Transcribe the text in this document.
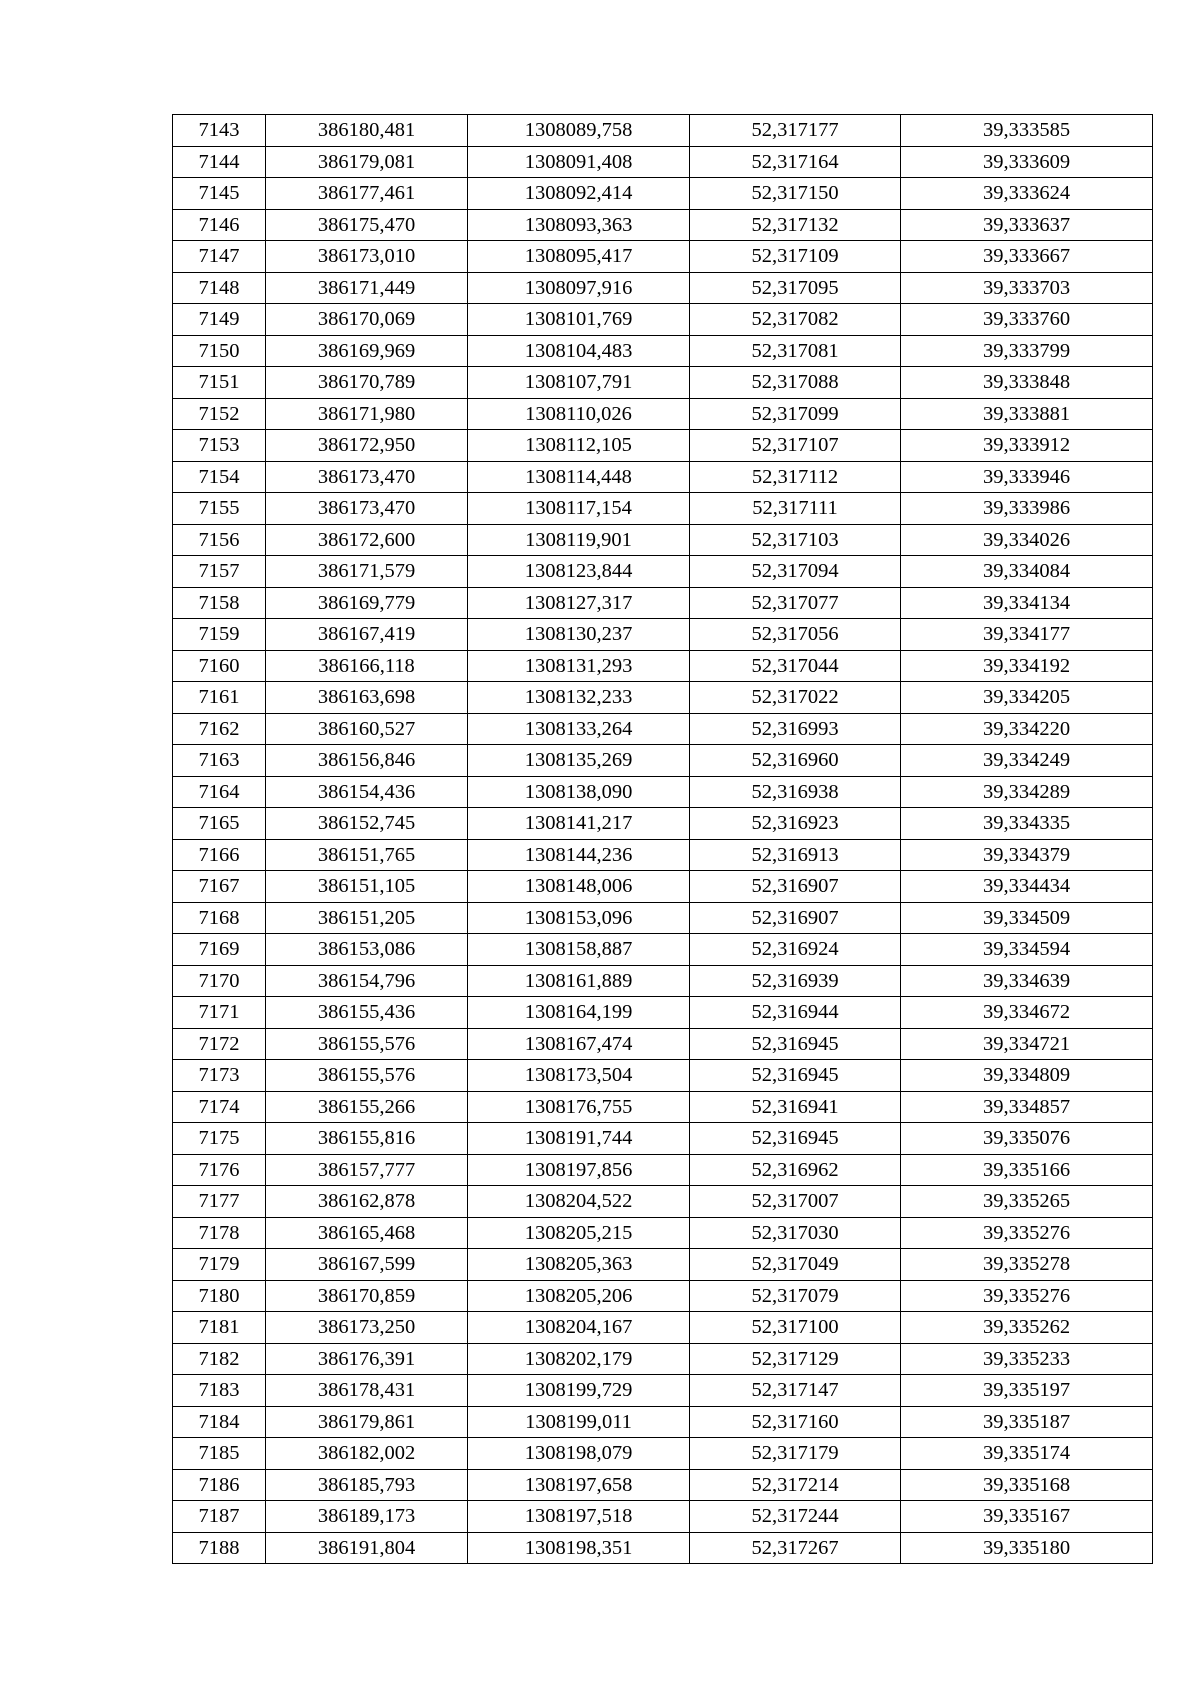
7143	386180,481	1308089,758	52,317177	39,333585
7144	386179,081	1308091,408	52,317164	39,333609
7145	386177,461	1308092,414	52,317150	39,333624
7146	386175,470	1308093,363	52,317132	39,333637
7147	386173,010	1308095,417	52,317109	39,333667
7148	386171,449	1308097,916	52,317095	39,333703
7149	386170,069	1308101,769	52,317082	39,333760
7150	386169,969	1308104,483	52,317081	39,333799
7151	386170,789	1308107,791	52,317088	39,333848
7152	386171,980	1308110,026	52,317099	39,333881
7153	386172,950	1308112,105	52,317107	39,333912
7154	386173,470	1308114,448	52,317112	39,333946
7155	386173,470	1308117,154	52,317111	39,333986
7156	386172,600	1308119,901	52,317103	39,334026
7157	386171,579	1308123,844	52,317094	39,334084
7158	386169,779	1308127,317	52,317077	39,334134
7159	386167,419	1308130,237	52,317056	39,334177
7160	386166,118	1308131,293	52,317044	39,334192
7161	386163,698	1308132,233	52,317022	39,334205
7162	386160,527	1308133,264	52,316993	39,334220
7163	386156,846	1308135,269	52,316960	39,334249
7164	386154,436	1308138,090	52,316938	39,334289
7165	386152,745	1308141,217	52,316923	39,334335
7166	386151,765	1308144,236	52,316913	39,334379
7167	386151,105	1308148,006	52,316907	39,334434
7168	386151,205	1308153,096	52,316907	39,334509
7169	386153,086	1308158,887	52,316924	39,334594
7170	386154,796	1308161,889	52,316939	39,334639
7171	386155,436	1308164,199	52,316944	39,334672
7172	386155,576	1308167,474	52,316945	39,334721
7173	386155,576	1308173,504	52,316945	39,334809
7174	386155,266	1308176,755	52,316941	39,334857
7175	386155,816	1308191,744	52,316945	39,335076
7176	386157,777	1308197,856	52,316962	39,335166
7177	386162,878	1308204,522	52,317007	39,335265
7178	386165,468	1308205,215	52,317030	39,335276
7179	386167,599	1308205,363	52,317049	39,335278
7180	386170,859	1308205,206	52,317079	39,335276
7181	386173,250	1308204,167	52,317100	39,335262
7182	386176,391	1308202,179	52,317129	39,335233
7183	386178,431	1308199,729	52,317147	39,335197
7184	386179,861	1308199,011	52,317160	39,335187
7185	386182,002	1308198,079	52,317179	39,335174
7186	386185,793	1308197,658	52,317214	39,335168
7187	386189,173	1308197,518	52,317244	39,335167
7188	386191,804	1308198,351	52,317267	39,335180
